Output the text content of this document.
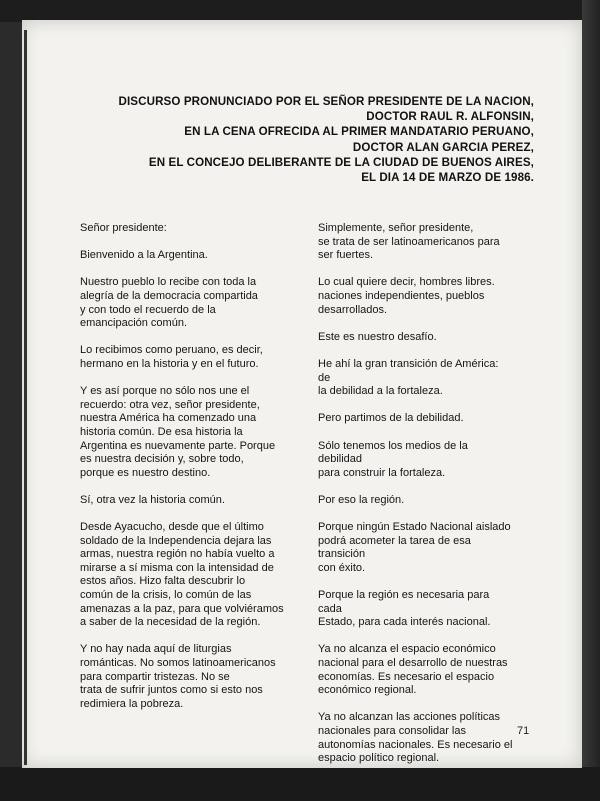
DISCURSO PRONUNCIADO POR EL SEÑOR PRESIDENTE DE LA NACION,
DOCTOR RAUL R. ALFONSIN,
EN LA CENA OFRECIDA AL PRIMER MANDATARIO PERUANO,
DOCTOR ALAN GARCIA PEREZ,
EN EL CONCEJO DELIBERANTE DE LA CIUDAD DE BUENOS AIRES,
EL DIA 14 DE MARZO DE 1986.

Señor presidente:

Bienvenido a la Argentina.

Nuestro pueblo lo recibe con toda la
alegría de la democracia compartida
y con todo el recuerdo de la
emancipación común.

Lo recibimos como peruano, es decir,
hermano en la historia y en el futuro.

Y es así porque no sólo nos une el
recuerdo: otra vez, señor presidente,
nuestra América ha comenzado una
historia común. De esa historia la
Argentina es nuevamente parte. Porque
es nuestra decisión y, sobre todo,
porque es nuestro destino.

Sí, otra vez la historia común.

Desde Ayacucho, desde que el último
soldado de la Independencia dejara las
armas, nuestra región no había vuelto a
mirarse a sí misma con la intensidad de
estos años. Hizo falta descubrir lo
común de la crisis, lo común de las
amenazas a la paz, para que volviéramos
a saber de la necesidad de la región.

Y no hay nada aquí de liturgias
románticas. No somos latinoamericanos
para compartir tristezas. No se
trata de sufrir juntos como si esto nos
redimiera la pobreza.

Simplemente, señor presidente,
se trata de ser latinoamericanos para
ser fuertes.

Lo cual quiere decir, hombres libres.
naciones independientes, pueblos
desarrollados.

Este es nuestro desafío.

He ahí la gran transición de América: de
la debilidad a la fortaleza.

Pero partimos de la debilidad.

Sólo tenemos los medios de la debilidad
para construir la fortaleza.

Por eso la región.

Porque ningún Estado Nacional aislado
podrá acometer la tarea de esa transición
con éxito.

Porque la región es necesaria para cada
Estado, para cada interés nacional.

Ya no alcanza el espacio económico
nacional para el desarrollo de nuestras
economías. Es necesario el espacio
económico regional.

Ya no alcanzan las acciones políticas
nacionales para consolidar las
autonomías nacionales. Es necesario el
espacio político regional.

71
